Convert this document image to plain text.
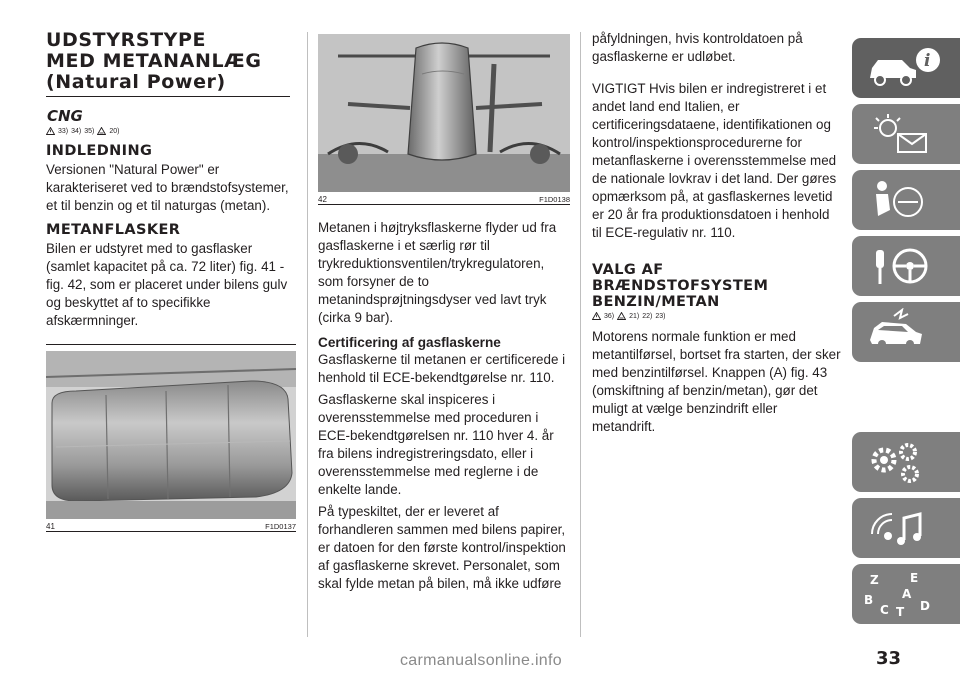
UDSTYRSTYPE
MED METANANLÆG
(Natural Power)
CNG
33) 34) 35) 20)
INDLEDNING

Versionen "Natural Power" er karakteriseret ved to brændstofsystemer, et til benzin og et til naturgas (metan).

METANFLASKER

Bilen er udstyret med to gasflasker (samlet kapacitet på ca. 72 liter) fig. 41 - fig. 42, som er placeret under bilens gulv og beskyttet af to specifikke afskærmninger.

41	F1D0137
42	F1D0138

Metanen i højtryksflaskerne flyder ud fra gasflaskerne i et særlig rør til trykreduktionsventilen/trykregulatoren, som forsyner de to metanindsprøjtningsdyser ved lavt tryk (cirka 9 bar).

Certificering af gasflaskerne

Gasflaskerne til metanen er certificerede i henhold til ECE-bekendtgørelse nr. 110.

Gasflaskerne skal inspiceres i overensstemmelse med proceduren i ECE-bekendtgørelsen nr. 110 hver 4. år fra bilens indregistreringsdato, eller i overensstemmelse med reglerne i de enkelte lande.

På typeskiltet, der er leveret af forhandleren sammen med bilens papirer, er datoen for den første kontrol/inspektion af gasflaskerne skrevet. Personalet, som skal fylde metan på bilen, må ikke udføre

påfyldningen, hvis kontroldatoen på gasflaskerne er udløbet.

VIGTIGT Hvis bilen er indregistreret i et andet land end Italien, er certificeringsdataene, identifikationen og kontrol/inspektionsprocedurerne for metanflaskerne i overensstemmelse med de nationale lovkrav i det land. Der gøres opmærksom på, at gasflaskernes levetid er 20 år fra produktionsdatoen i henhold til ECE-regulativ nr. 110.

VALG AF
BRÆNDSTOFSYSTEM
BENZIN/METAN
36) 21) 22) 23)

Motorens normale funktion er med metantilførsel, bortset fra starten, der sker med benzintilførsel. Knappen (A) fig. 43 (omskiftning af benzin/metan), gør det muligt at vælge benzindrift eller metandrift.

i
Z	E
B A
C T D
33
carmanualsonline.info
